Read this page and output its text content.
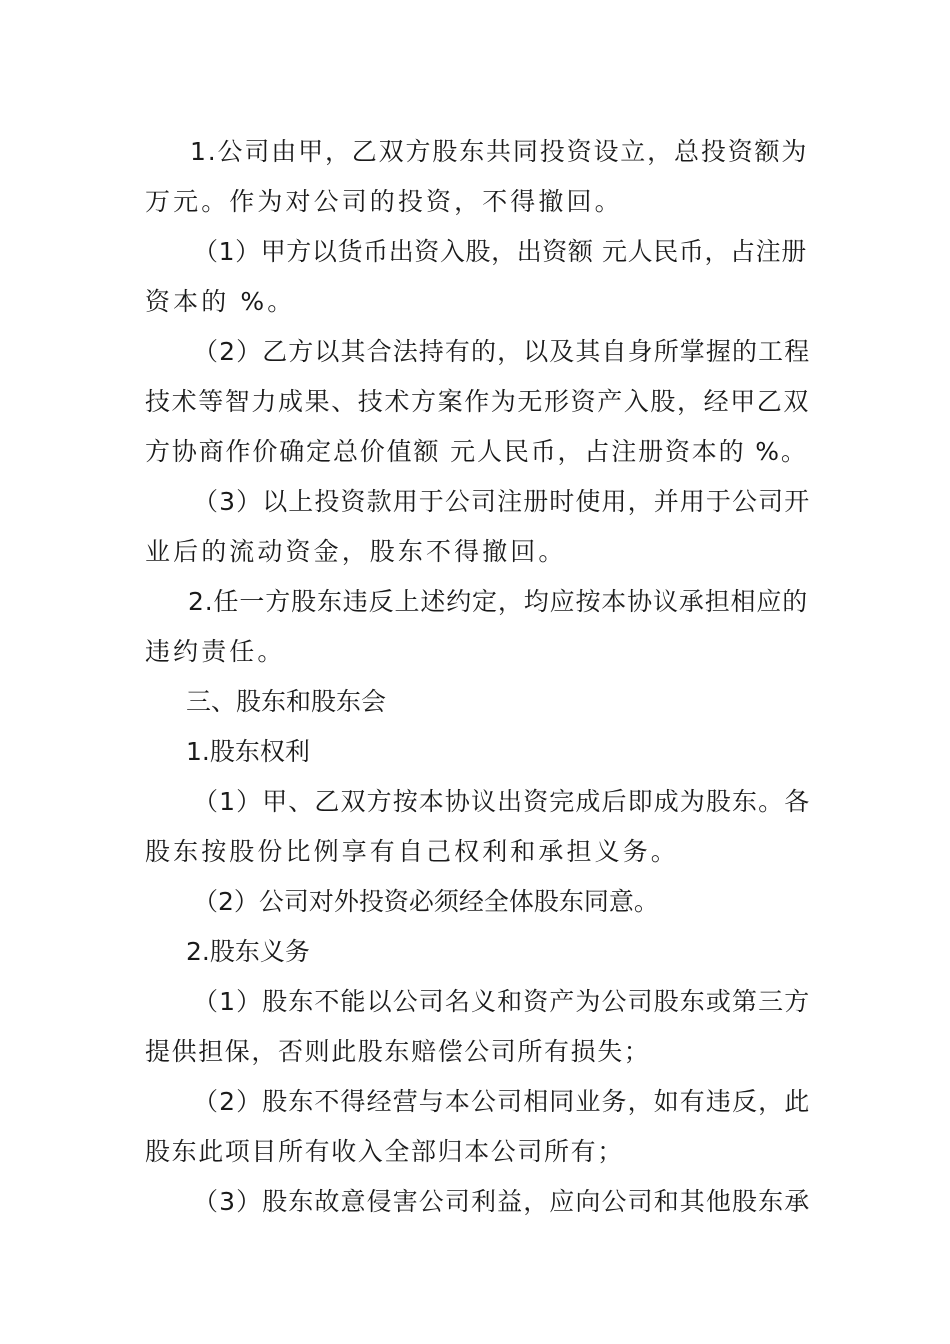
1.公司由甲，乙双方股东共同投资设立，总投资额为
万元。作为对公司的投资，不得撤回。
（1）甲方以货币出资入股，出资额 元人民币，占注册
资本的 %。
（2）乙方以其合法持有的，以及其自身所掌握的工程
技术等智力成果、技术方案作为无形资产入股，经甲乙双
方协商作价确定总价值额 元人民币，占注册资本的 %。
（3）以上投资款用于公司注册时使用，并用于公司开
业后的流动资金，股东不得撤回。
2.任一方股东违反上述约定，均应按本协议承担相应的
违约责任。
三、股东和股东会
1.股东权利
（1）甲、乙双方按本协议出资完成后即成为股东。各
股东按股份比例享有自己权利和承担义务。
（2）公司对外投资必须经全体股东同意。
2.股东义务
（1）股东不能以公司名义和资产为公司股东或第三方
提供担保，否则此股东赔偿公司所有损失；
（2）股东不得经营与本公司相同业务，如有违反，此
股东此项目所有收入全部归本公司所有；
（3）股东故意侵害公司利益，应向公司和其他股东承
